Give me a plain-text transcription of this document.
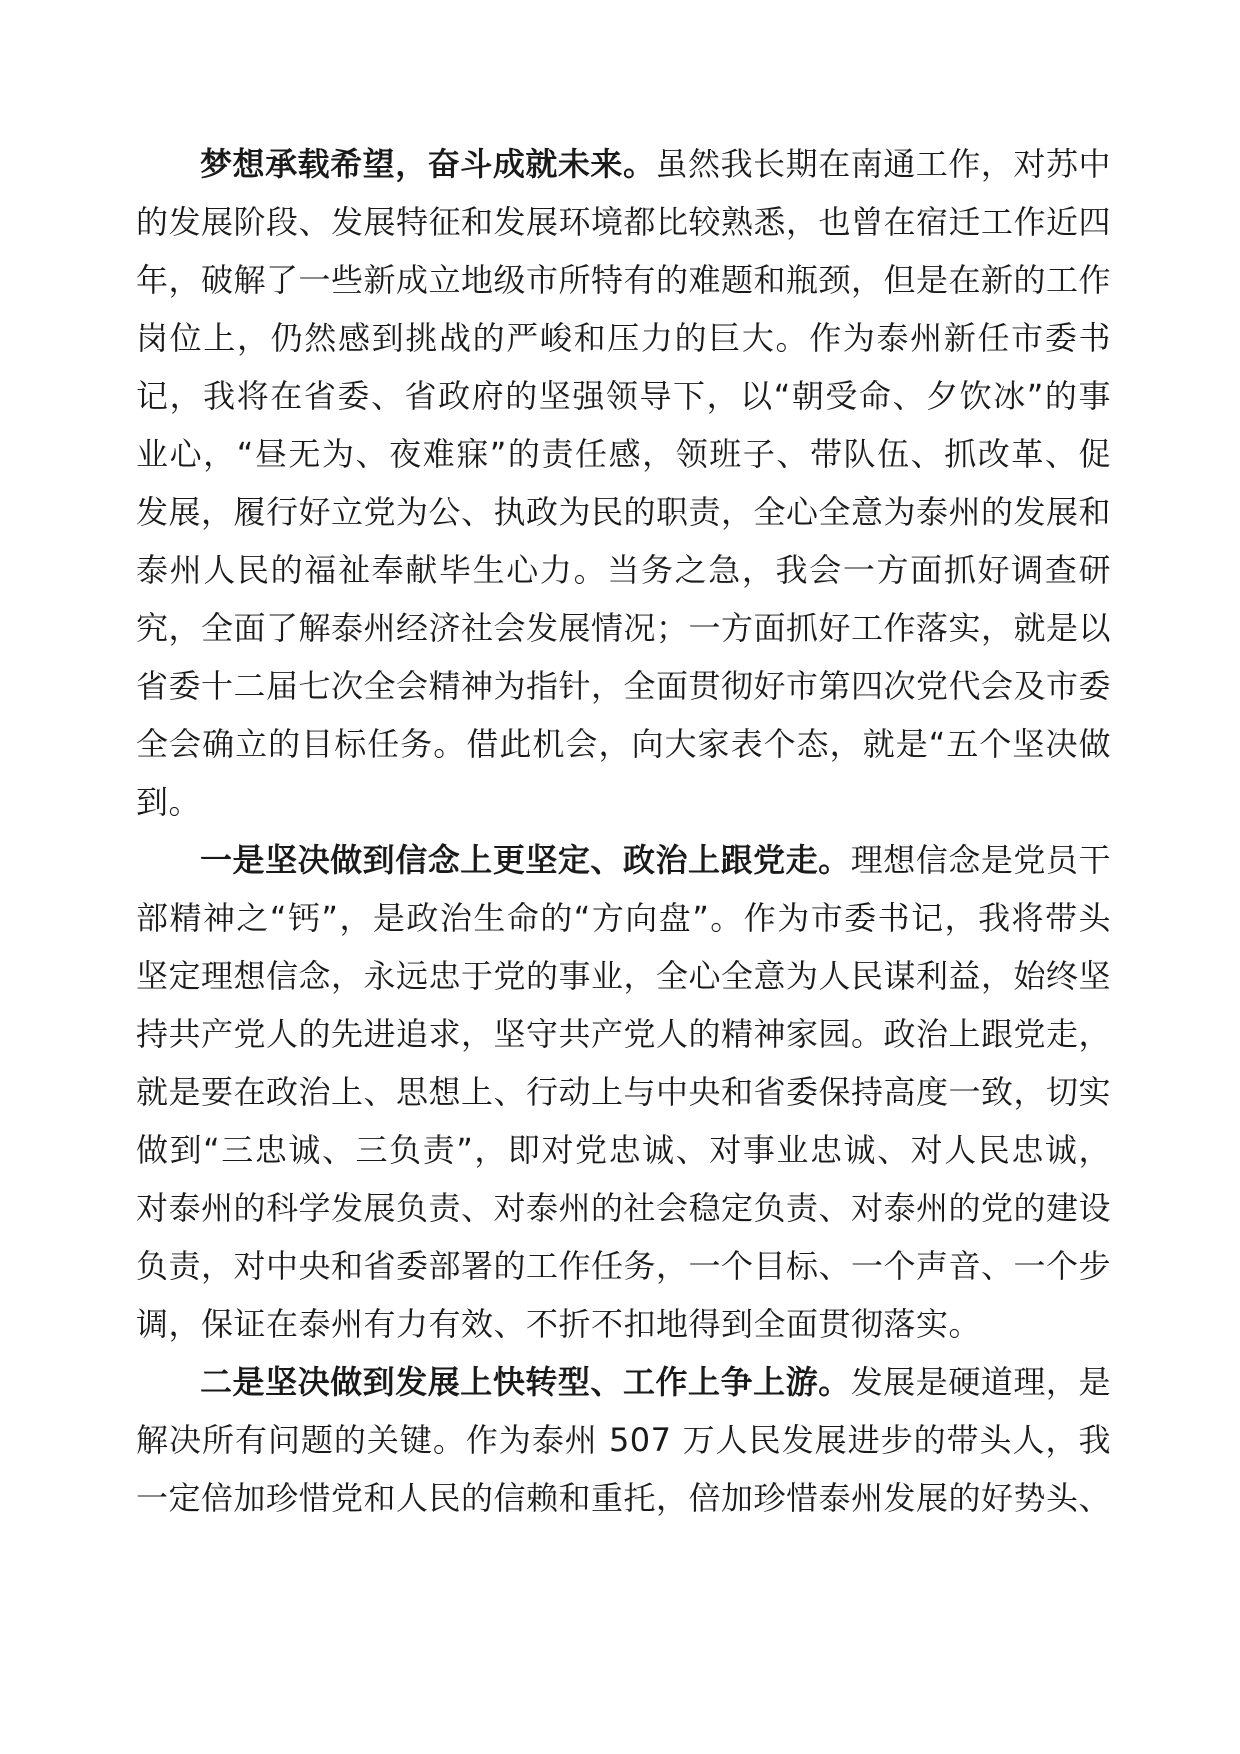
梦想承载希望，奋斗成就未来。虽然我长期在南通工作，对苏中的发展阶段、发展特征和发展环境都比较熟悉，也曾在宿迁工作近四年，破解了一些新成立地级市所特有的难题和瓶颈，但是在新的工作岗位上，仍然感到挑战的严峻和压力的巨大。作为泰州新任市委书记，我将在省委、省政府的坚强领导下，以“朝受命、夕饮冰”的事业心，“昼无为、夜难寐”的责任感，领班子、带队伍、抓改革、促发展，履行好立党为公、执政为民的职责，全心全意为泰州的发展和泰州人民的福祉奉献毕生心力。当务之急，我会一方面抓好调查研究，全面了解泰州经济社会发展情况；一方面抓好工作落实，就是以省委十二届七次全会精神为指针，全面贯彻好市第四次党代会及市委全会确立的目标任务。借此机会，向大家表个态，就是“五个坚决做到。

一是坚决做到信念上更坚定、政治上跟党走。理想信念是党员干部精神之“钙”，是政治生命的“方向盘”。作为市委书记，我将带头坚定理想信念，永远忠于党的事业，全心全意为人民谋利益，始终坚持共产党人的先进追求，坚守共产党人的精神家园。政治上跟党走，就是要在政治上、思想上、行动上与中央和省委保持高度一致，切实做到“三忠诚、三负责”，即对党忠诚、对事业忠诚、对人民忠诚，对泰州的科学发展负责、对泰州的社会稳定负责、对泰州的党的建设负责，对中央和省委部署的工作任务，一个目标、一个声音、一个步调，保证在泰州有力有效、不折不扣地得到全面贯彻落实。

二是坚决做到发展上快转型、工作上争上游。发展是硬道理，是解决所有问题的关键。作为泰州 507 万人民发展进步的带头人，我一定倍加珍惜党和人民的信赖和重托，倍加珍惜泰州发展的好势头、
